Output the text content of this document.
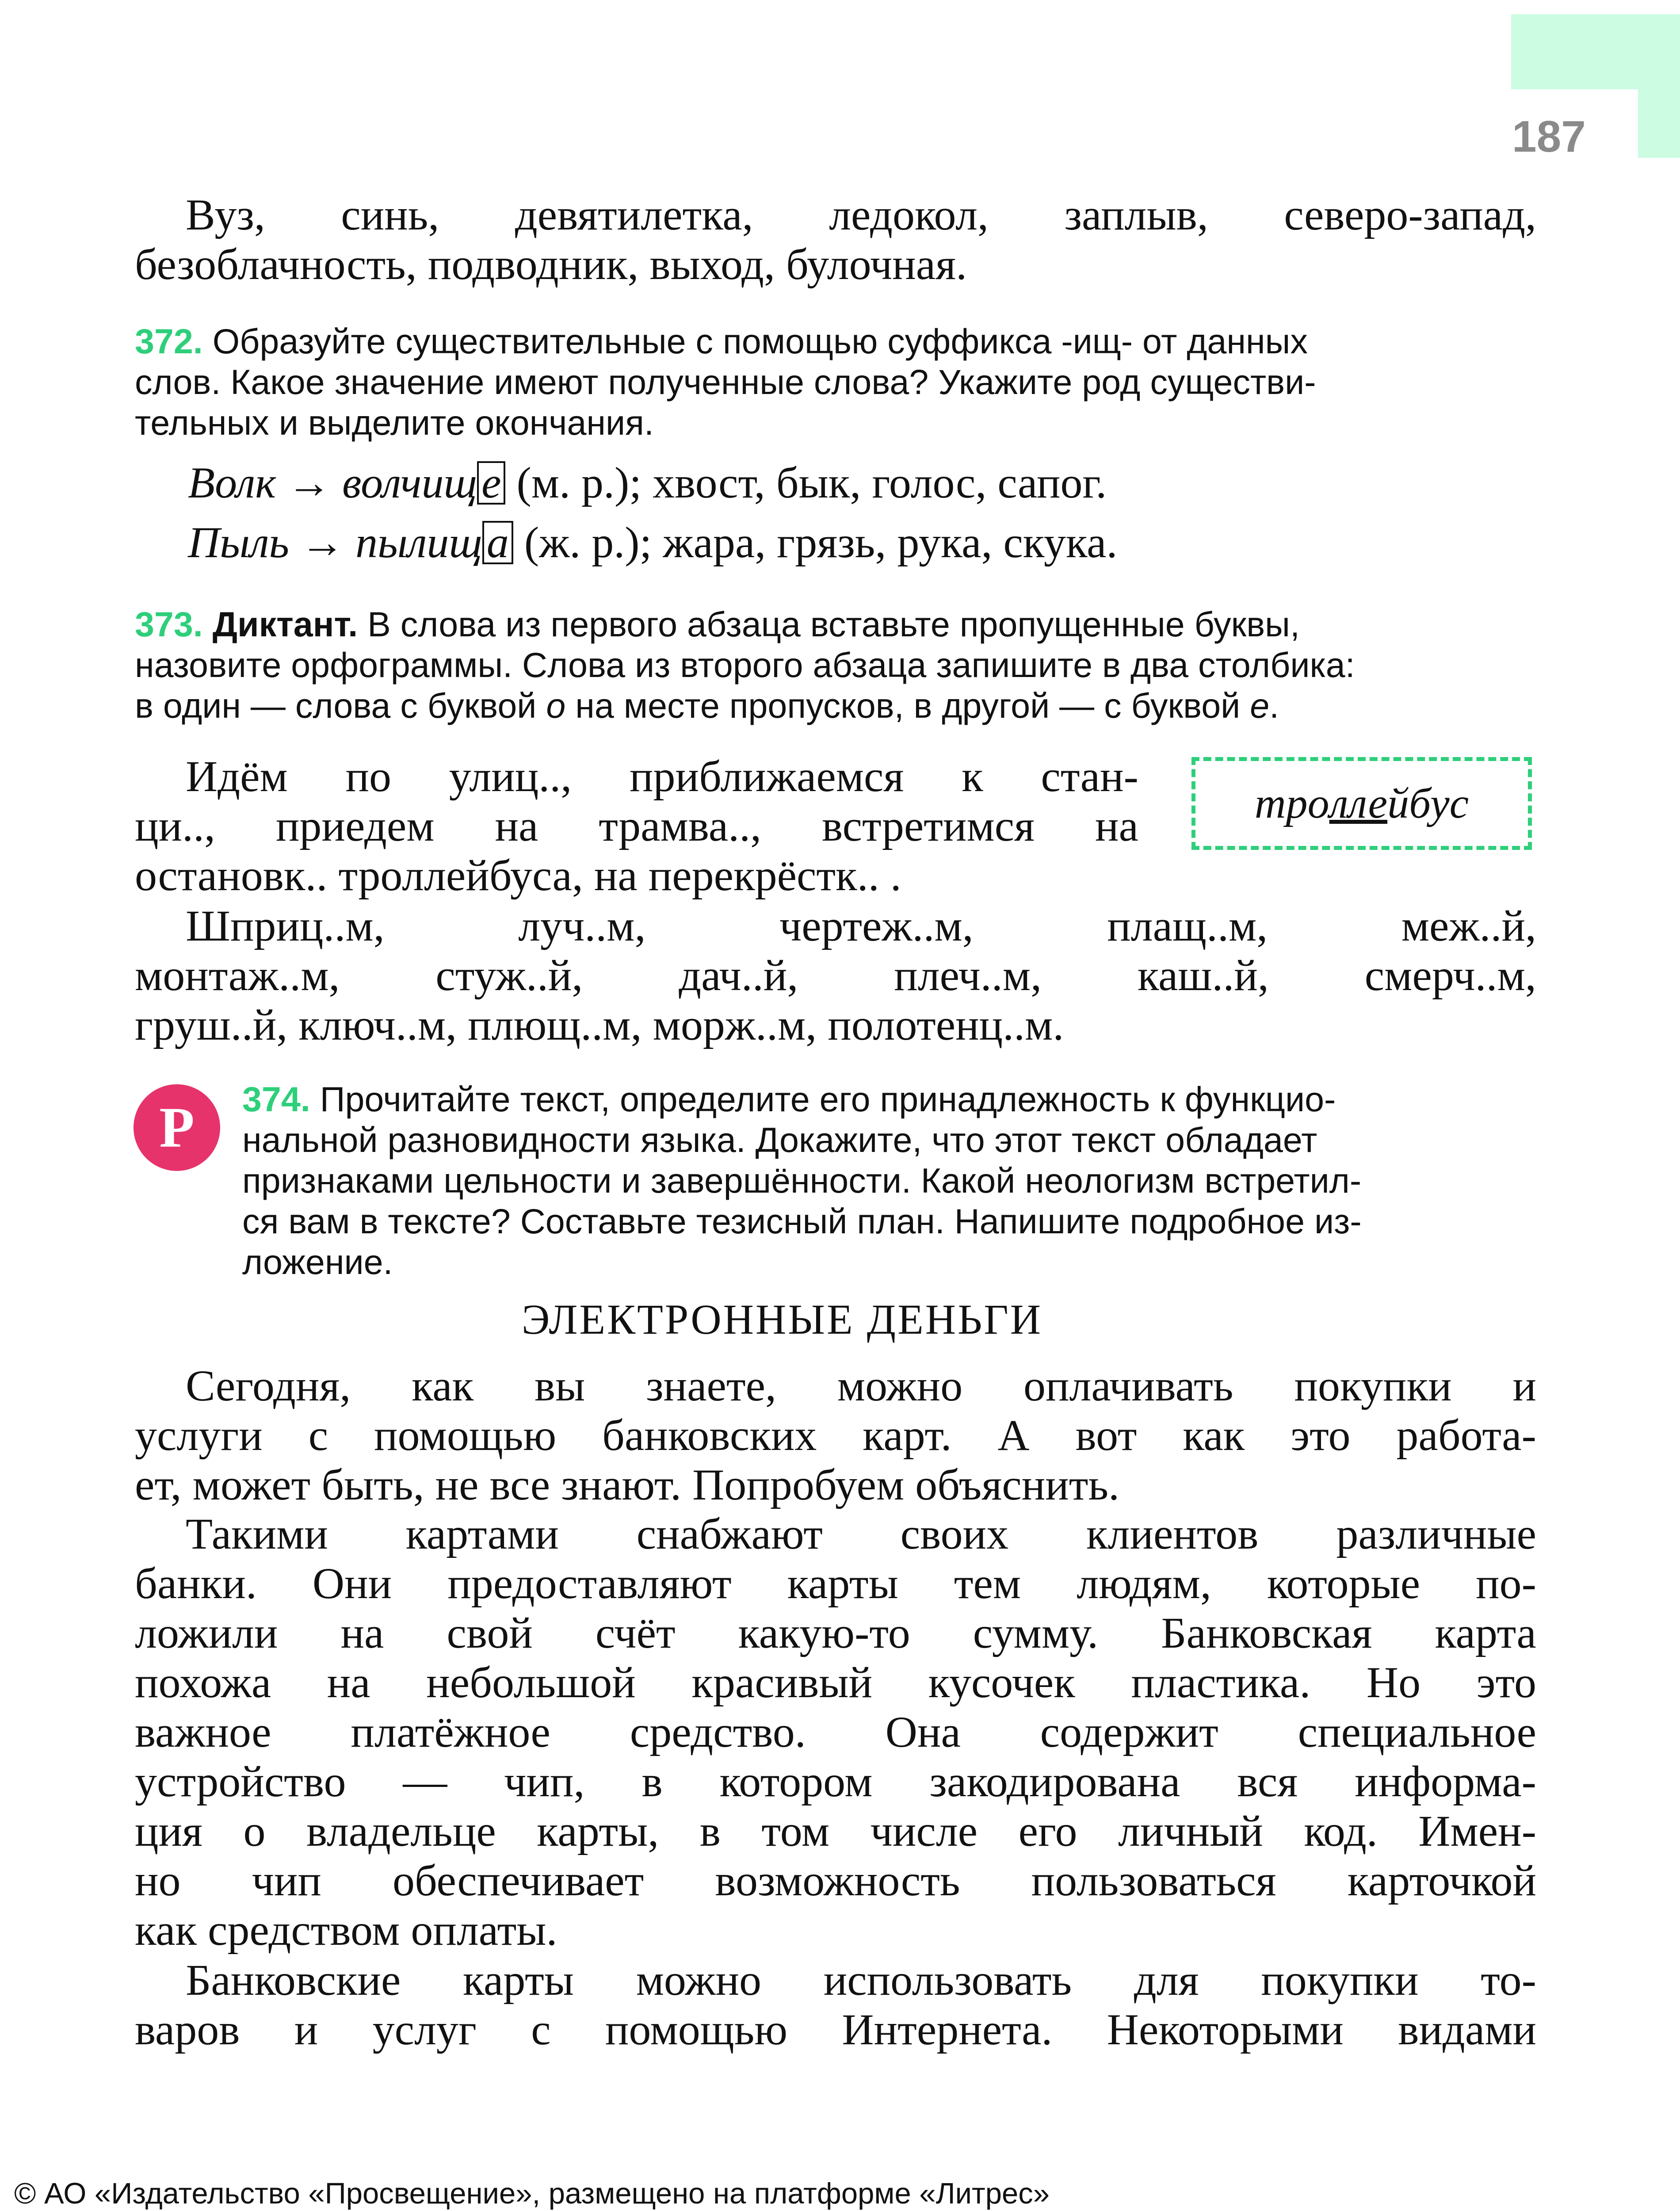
187
Вуз, синь, девятилетка, ледокол, заплыв, северо-запад,
безоблачность, подводник, выход, булочная.
372. Образуйте существительные с помощью суффикса -ищ- от данных
слов. Какое значение имеют полученные слова? Укажите род существи-
тельных и выделите окончания.
Волк → волчищ е (м. р.); хвост, бык, голос, сапог.
Пыль → пылищ а (ж. р.); жара, грязь, рука, скука.
373. Диктант. В слова из первого абзаца вставьте пропущенные буквы,
назовите орфограммы. Слова из второго абзаца запишите в два столбика:
в один — слова с буквой о на месте пропусков, в другой — с буквой е.
Идём по улиц.., приближаемся к стан-
ци.., приедем на трамва.., встретимся на
остановк.. троллейбуса, на перекрёстк.. .
тро лле йбус
Шприц..м,	луч..м,	чертеж..м,	плащ..м,	меж..й,
монтаж..м, стуж..й, дач..й, плеч..м, каш..й, смерч..м,
груш..й, ключ..м, плющ..м, морж..м, полотенц..м.
Р	374. Прочитайте текст, определите его принадлежность к функцио-
нальной разновидности языка. Докажите, что этот текст обладает
признаками цельности и завершённости. Какой неологизм встретил-
ся вам в тексте? Составьте тезисный план. Напишите подробное из-
ложение.
ЭЛЕКТРОННЫЕ ДЕНЬГИ
Сегодня, как вы знаете, можно оплачивать покупки и
услуги с помощью банковских карт. А вот как это работа-
ет, может быть, не все знают. Попробуем объяснить.
Такими картами снабжают своих клиентов различные
банки. Они предоставляют карты тем людям, которые по-
ложили на свой счёт какую-то сумму. Банковская карта
похожа на небольшой красивый кусочек пластика. Но это
важное платёжное средство. Она содержит специальное
устройство — чип, в котором закодирована вся информа-
ция о владельце карты, в том числе его личный код. Имен-
но чип обеспечивает возможность пользоваться карточкой
как средством оплаты.
Банковские карты можно использовать для покупки то-
варов и услуг с помощью Интернета. Некоторыми видами
© АО «Издательство «Просвещение», размещено на платформе «Литрес»
